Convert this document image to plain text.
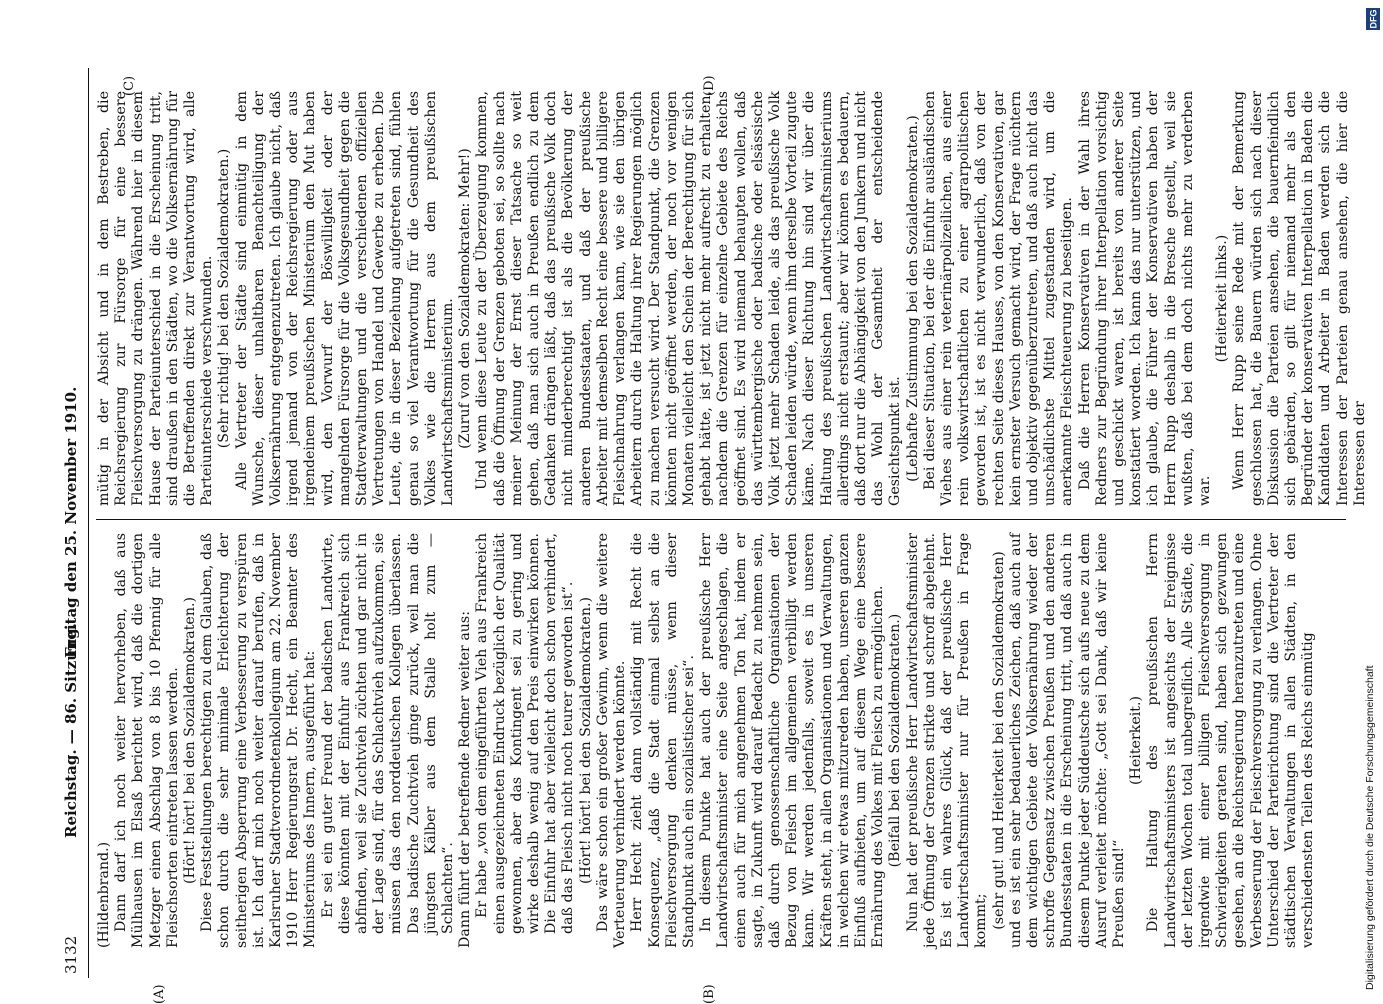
3132
Reichstag. — 86. Sitzung.
Freitag den 25. November 1910.
(A)	(B)
(C)	(D)

(Hildenbrand.) Dann darf ich noch weiter hervorheben, daß aus Mülhausen im Elsaß berichtet wird, daß die dortigen Metzger einen Abschlag von 8 bis 10 Pfennig für alle Fleischsorten eintreten lassen werden. (Hört! hört! bei den Sozialdemokraten.) Diese Feststellungen berechtigen zu dem Glauben, daß schon durch die sehr minimale Erleichterung der seitherigen Absperrung eine Verbesserung zu verspüren ist. Ich darf mich noch weiter darauf berufen, daß in Karlsruher Stadtverordnetenkollegium am 22. November 1910 Herr Regierungsrat Dr. Hecht, ein Beamter des Ministeriums des Innern, ausgeführt hat: Er sei ein guter Freund der badischen Landwirte, diese könnten mit der Einfuhr aus Frankreich sich abfinden, weil sie Zuchtvieh züchten und gar nicht in der Lage sind, für das Schlachtvieh aufzukommen, sie müssen das den norddeutschen Kollegen überlassen. Das badische Zuchtvieh ginge zurück, weil man die jüngsten Kälber aus dem Stalle holt zum — Schlachten“. Dann führt der betreffende Redner weiter aus: Er habe „von dem eingeführten Vieh aus Frankreich einen ausgezeichneten Eindruck bezüglich der Qualität gewonnen, aber das Kontingent sei zu gering und wirke deshalb wenig auf den Preis einwirken können. Die Einfuhr hat aber vielleicht doch schon verhindert, daß das Fleisch nicht noch teurer geworden ist“. (Hört! hört! bei den Sozialdemokraten.) Das wäre schon ein großer Gewinn, wenn die weitere Verteuerung verhindert werden könnte. Herr Hecht zieht dann vollständig mit Recht die Konsequenz, „daß die Stadt einmal selbst an die Fleischversorgung denken müsse, wenn dieser Standpunkt auch ein sozialistischer sei“. In diesem Punkte hat auch der preußische Herr Landwirtschaftsminister eine Seite angeschlagen, die einen auch für mich angenehmen Ton hat, indem er sagte, in Zukunft wird darauf Bedacht zu nehmen sein, daß durch genossenschaftliche Organisationen der Bezug von Fleisch im allgemeinen verbilligt werden kann. Wir werden jedenfalls, soweit es in unseren Kräften steht, in allen Organisationen und Verwaltungen, in welchen wir etwas mitzureden haben, unseren ganzen Einfluß aufbieten, um auf diesem Wege eine bessere Ernährung des Volkes mit Fleisch zu ermöglichen. (Beifall bei den Sozialdemokraten.) Nun hat der preußische Herr Landwirtschaftsminister jede Öffnung der Grenzen strikte und schroff abgelehnt. Es ist ein wahres Glück, daß der preußische Herr Landwirtschaftsminister nur für Preußen in Frage kommt; (sehr gut! und Heiterkeit bei den Sozialdemokraten) und es ist ein sehr bedauerliches Zeichen, daß auch auf dem wichtigen Gebiete der Volksernährung wieder der schroffe Gegensatz zwischen Preußen und den anderen Bundesstaaten in die Erscheinung tritt, und daß auch in diesem Punkte jeder Süddeutsche sich aufs neue zu dem Ausruf verleitet möchte: „Gott sei Dank, daß wir keine Preußen sind!“

(Heiterkeit.) Die Haltung des preußischen Herrn Landwirtschaftsministers ist angesichts der Ereignisse der letzten Wochen total unbegreiflich. Alle Städte, die irgendwie mit einer billigen Fleischversorgung in Schwierigkeiten geraten sind, haben sich gezwungen gesehen, an die Reichsregierung heranzutreten und eine Verbesserung der Fleischversorgung zu verlangen. Ohne Unterschied der Parteirichtung sind die Vertreter der städtischen Verwaltungen in allen Städten, in den verschiedensten Teilen des Reichs einmütig

mütig in der Absicht und in dem Bestreben, die Reichsregierung zur Fürsorge für eine bessere Fleischversorgung zu drängen. Während hier in diesem Hause der Parteiunterschied in die Erscheinung tritt, sind draußen in den Städten, wo die Volksernährung für die Betreffenden direkt zur Verantwortung wird, alle Parteiunterschiede verschwunden. (Sehr richtig! bei den Sozialdemokraten.) Alle Vertreter der Städte sind einmütig in dem Wunsche, dieser unhaltbaren Benachteiligung der Volksernährung entgegenzutreten. Ich glaube nicht, daß irgend jemand von der Reichsregierung oder aus irgendeinem preußischen Ministerium den Mut haben wird, den Vorwurf der Böswilligkeit oder der mangelnden Fürsorge für die Volksgesundheit gegen die Stadtverwaltungen und die verschiedenen offiziellen Vertretungen von Handel und Gewerbe zu erheben. Die Leute, die in dieser Beziehung aufgetreten sind, fühlen genau so viel Verantwortung für die Gesundheit des Volkes wie die Herren aus dem preußischen Landwirtschaftsministerium. (Zuruf von den Sozialdemokraten: Mehr!) Und wenn diese Leute zu der Überzeugung kommen, daß die Öffnung der Grenzen geboten sei, so sollte nach meiner Meinung der Ernst dieser Tatsache so weit gehen, daß man sich auch in Preußen endlich zu dem Gedanken drängen läßt, daß das preußische Volk doch nicht minderberechtigt ist als die Bevölkerung der anderen Bundesstaaten, und daß der preußische Arbeiter mit demselben Recht eine bessere und billigere Fleischnahrung verlangen kann, wie sie den übrigen Arbeitern durch die Haltung ihrer Regierungen möglich zu machen versucht wird. Der Standpunkt, die Grenzen könnten nicht geöffnet werden, der noch vor wenigen Monaten vielleicht den Schein der Berechtigung für sich gehabt hätte, ist jetzt nicht mehr aufrecht zu erhalten, nachdem die Grenzen für einzelne Gebiete des Reichs geöffnet sind. Es wird niemand behaupten wollen, daß das württembergische oder badische oder elsässische Volk jetzt mehr Schaden leide, als das preußische Volk Schaden leiden würde, wenn ihm derselbe Vorteil zugute käme. Nach dieser Richtung hin sind wir über die Haltung des preußischen Landwirtschaftsministeriums allerdings nicht erstaunt; aber wir können es bedauern, daß dort nur die Abhängigkeit von den Junkern und nicht das Wohl der Gesamtheit der entscheidende Gesichtspunkt ist. (Lebhafte Zustimmung bei den Sozialdemokraten.) Bei dieser Situation, bei der die Einfuhr ausländischen Viehes aus einer rein veterinärpolizeilichen, aus einer rein volkswirtschaftlichen zu einer agrarpolitischen geworden ist, ist es nicht verwunderlich, daß von der rechten Seite dieses Hauses, von den Konservativen, gar kein ernster Versuch gemacht wird, der Frage nüchtern und objektiv gegenüberzutreten, und daß auch nicht das unschädlichste Mittel zugestanden wird, um die anerkannte Fleischteuerung zu beseitigen. Daß die Herren Konservativen in der Wahl ihres Redners zur Begründung ihrer Interpellation vorsichtig und geschickt waren, ist bereits von anderer Seite konstatiert worden. Ich kann das nur unterstützen, und ich glaube, die Führer der Konservativen haben der Herrn Rupp deshalb in die Bresche gestellt, weil sie wußten, daß bei dem doch nichts mehr zu verderben war.

(Heiterkeit links.) Wenn Herr Rupp seine Rede mit der Bemerkung geschlossen hat, die Bauern würden sich nach dieser Diskussion die Parteien ansehen, die bauernfeindlich sich gebärden, so gilt für niemand mehr als den Begründer der konservativen Interpellation in Baden die Kandidaten und Arbeiter in Baden werden sich die Interessen der Parteien genau ansehen, die hier die Interessen der

DFG
Digitalisierung gefördert durch die Deutsche Forschungsgemeinschaft
